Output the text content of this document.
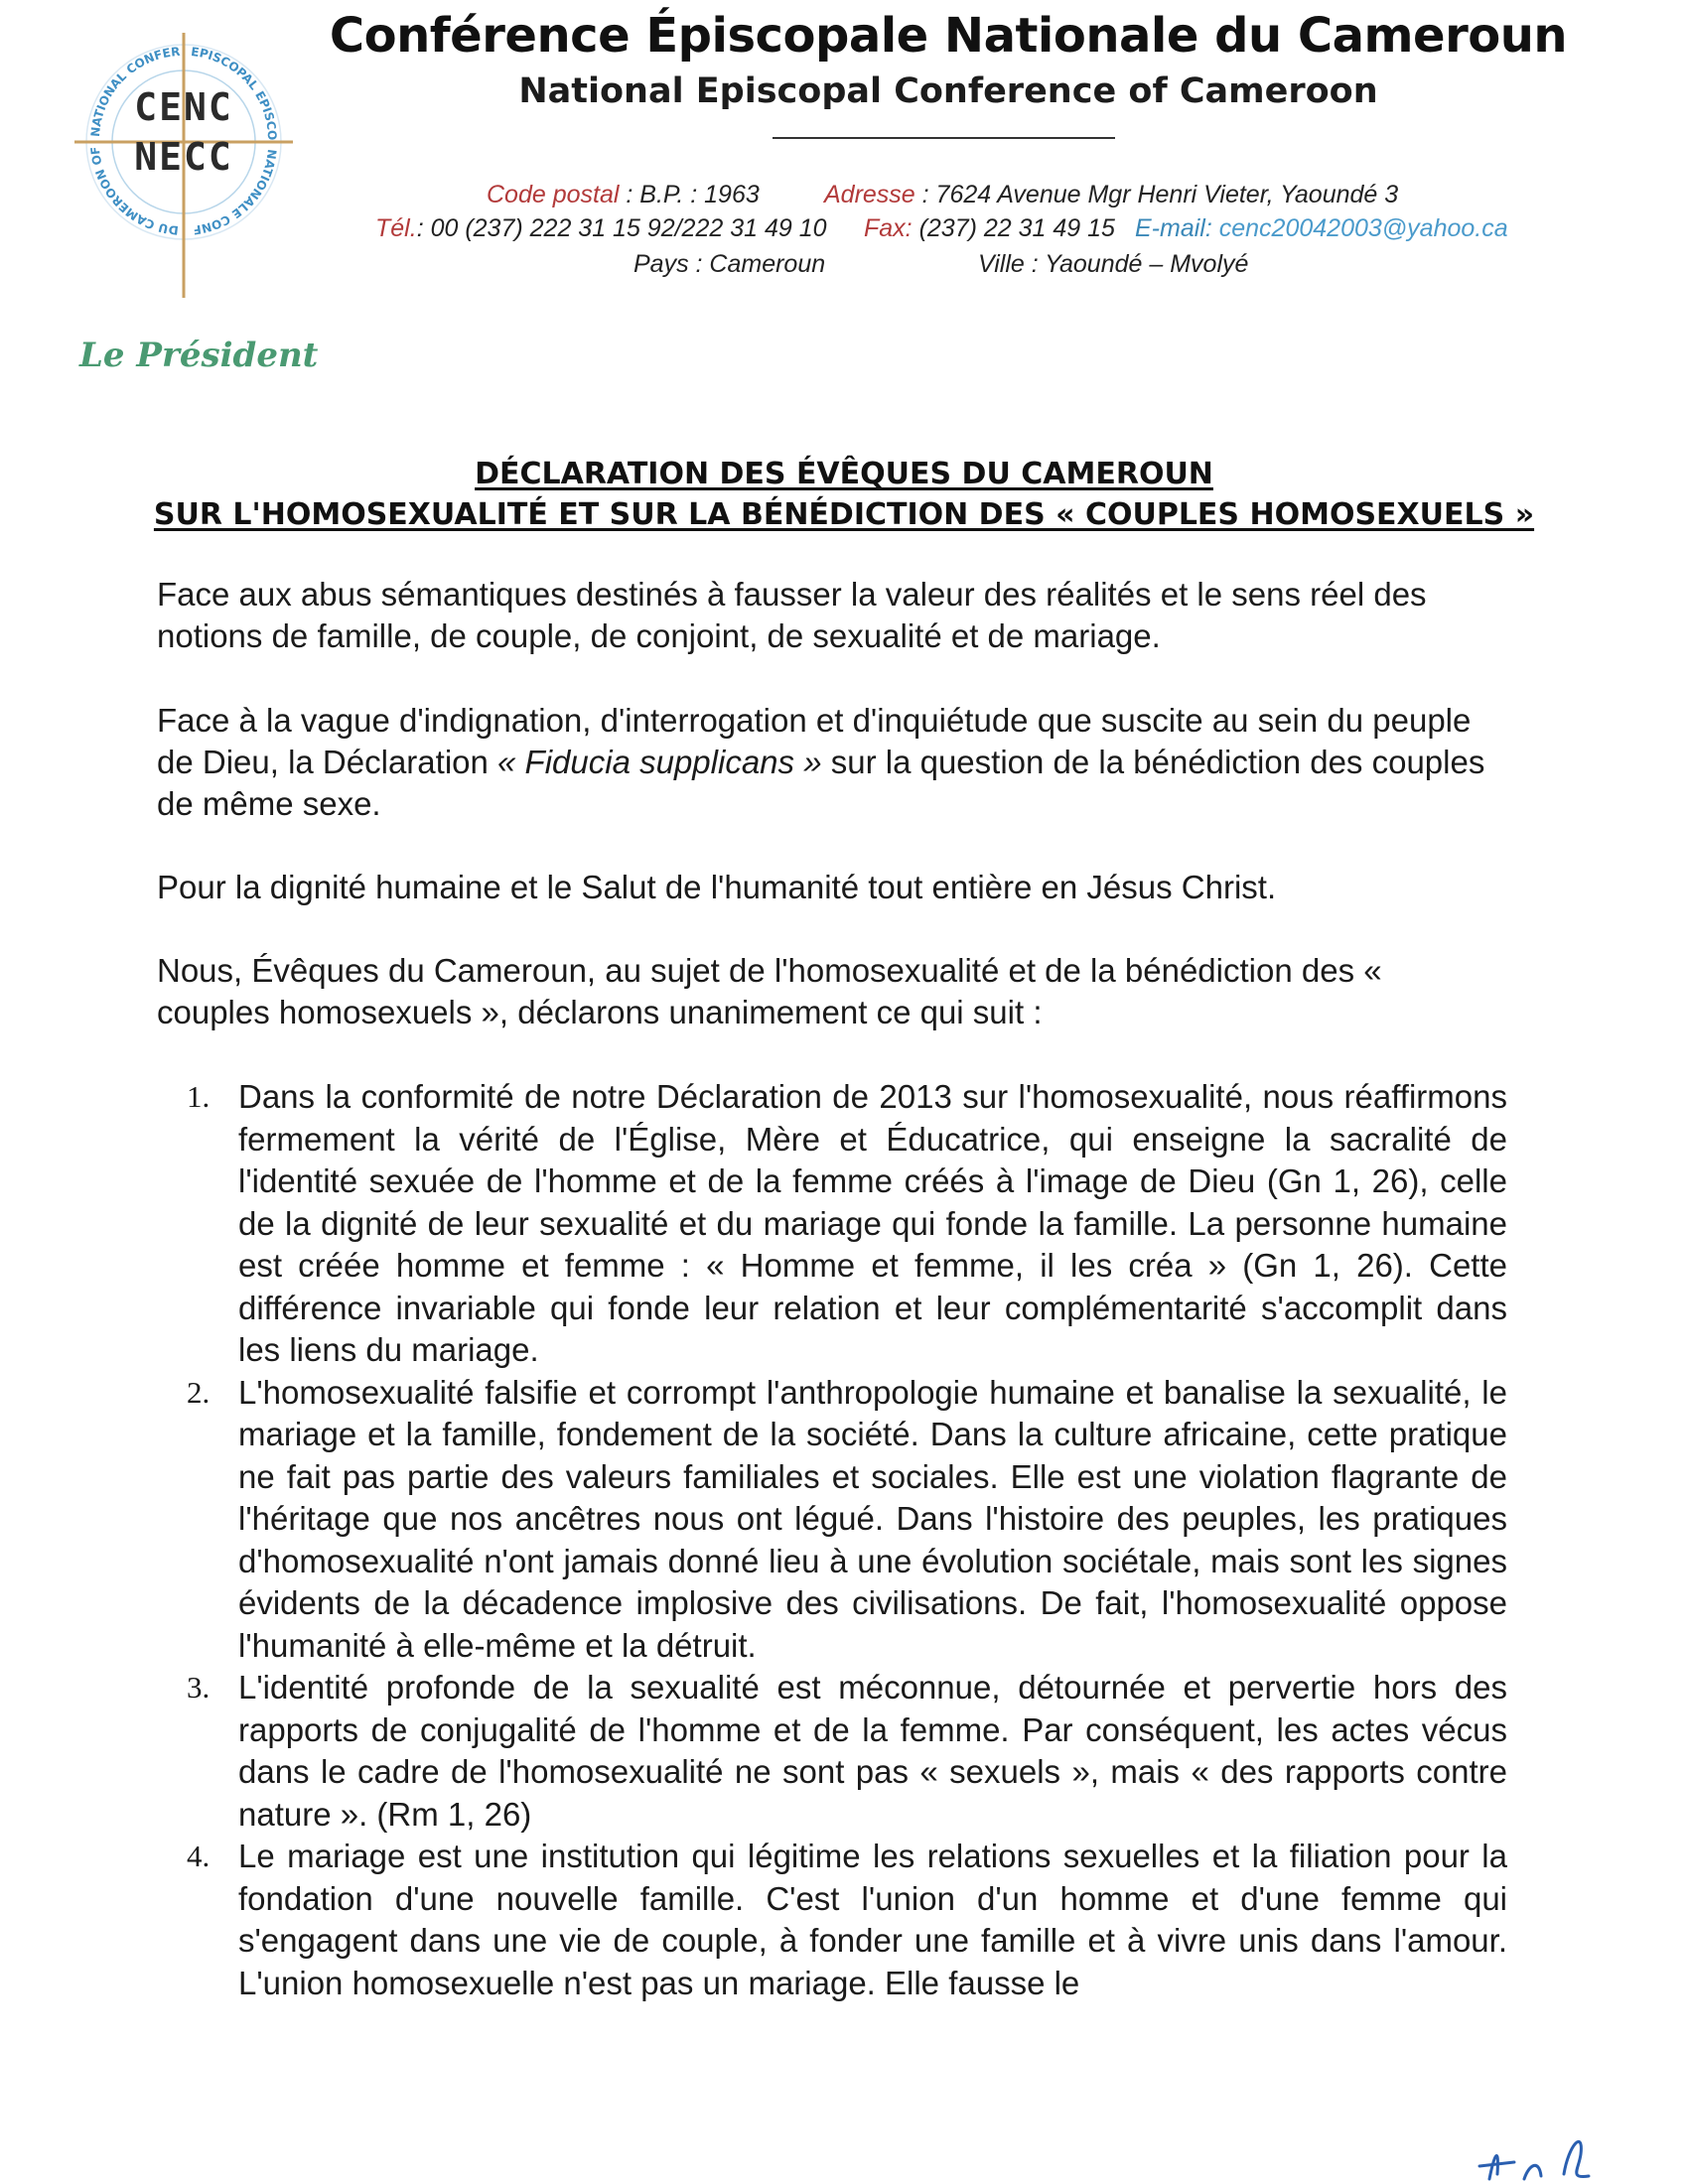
NATIONAL CONFER EPISCOPAL EPISCO
DU CAMEROON OF	NATIONALE CONF
CENC
NECC
Conférence Épiscopale Nationale du Cameroun
National Episcopal Conference of Cameroon
Code postal : B.P. : 1963	Adresse : 7624 Avenue Mgr Henri Vieter, Yaoundé 3
Tél.: 00 (237) 222 31 15 92/222 31 49 10 Fax: (237) 22 31 49 15 E-mail: cenc20042003@yahoo.ca
Pays : Cameroun	Ville : Yaoundé – Mvolyé
Le Président
DÉCLARATION DES ÉVÊQUES DU CAMEROUN
SUR L'HOMOSEXUALITÉ ET SUR LA BÉNÉDICTION DES « COUPLES HOMOSEXUELS »
Face aux abus sémantiques destinés à fausser la valeur des réalités et le sens réel des notions de famille, de couple, de conjoint, de sexualité et de mariage.
Face à la vague d'indignation, d'interrogation et d'inquiétude que suscite au sein du peuple de Dieu, la Déclaration « Fiducia supplicans » sur la question de la bénédiction des couples de même sexe.
Pour la dignité humaine et le Salut de l'humanité tout entière en Jésus Christ.
Nous, Évêques du Cameroun, au sujet de l'homosexualité et de la bénédiction des « couples homosexuels », déclarons unanimement ce qui suit :
1. Dans la conformité de notre Déclaration de 2013 sur l'homosexualité, nous réaffirmons fermement la vérité de l'Église, Mère et Éducatrice, qui enseigne la sacralité de l'identité sexuée de l'homme et de la femme créés à l'image de Dieu (Gn 1, 26), celle de la dignité de leur sexualité et du mariage qui fonde la famille. La personne humaine est créée homme et femme : « Homme et femme, il les créa » (Gn 1, 26). Cette différence invariable qui fonde leur relation et leur complémentarité s'accomplit dans les liens du mariage.
2. L'homosexualité falsifie et corrompt l'anthropologie humaine et banalise la sexualité, le mariage et la famille, fondement de la société. Dans la culture africaine, cette pratique ne fait pas partie des valeurs familiales et sociales. Elle est une violation flagrante de l'héritage que nos ancêtres nous ont légué. Dans l'histoire des peuples, les pratiques d'homosexualité n'ont jamais donné lieu à une évolution sociétale, mais sont les signes évidents de la décadence implosive des civilisations. De fait, l'homosexualité oppose l'humanité à elle-même et la détruit.
3. L'identité profonde de la sexualité est méconnue, détournée et pervertie hors des rapports de conjugalité de l'homme et de la femme. Par conséquent, les actes vécus dans le cadre de l'homosexualité ne sont pas « sexuels », mais « des rapports contre nature ». (Rm 1, 26)
4. Le mariage est une institution qui légitime les relations sexuelles et la filiation pour la fondation d'une nouvelle famille. C'est l'union d'un homme et d'une femme qui s'engagent dans une vie de couple, à fonder une famille et à vivre unis dans l'amour. L'union homosexuelle n'est pas un mariage. Elle fausse le
